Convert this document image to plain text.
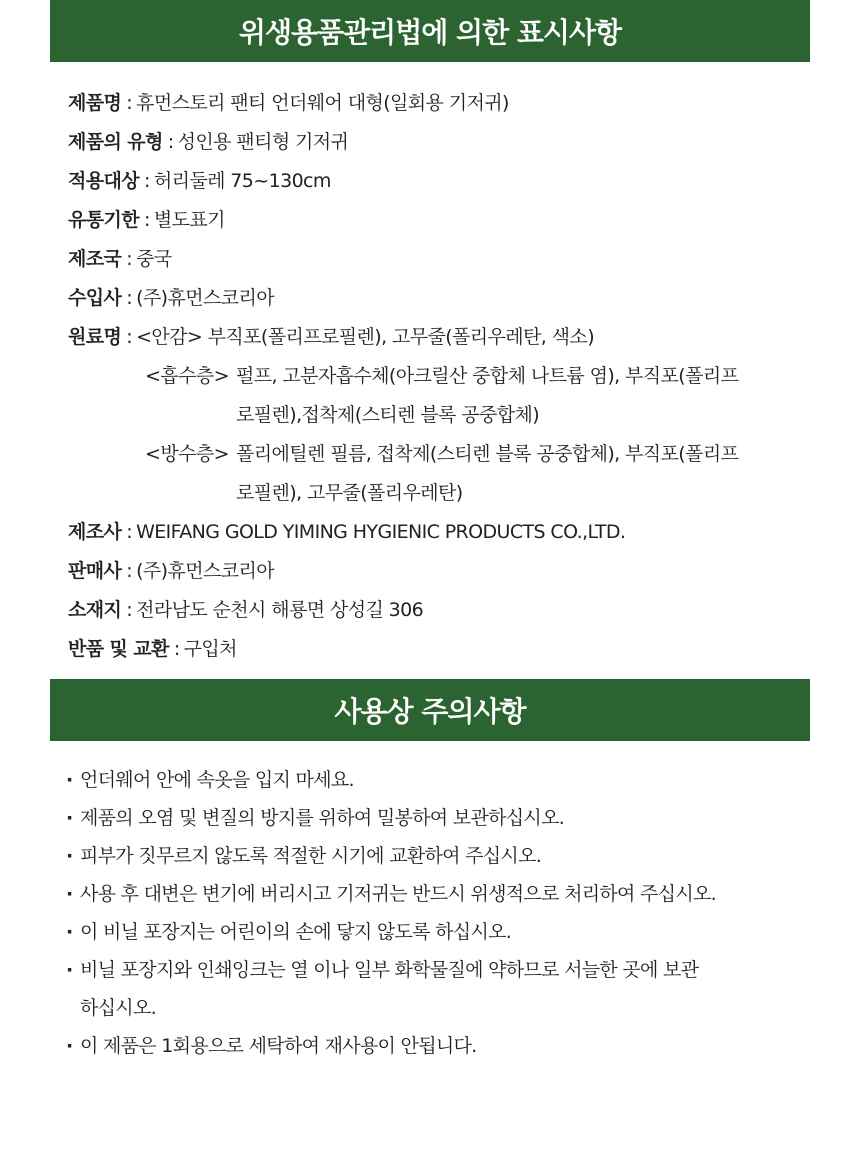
위생용품관리법에 의한 표시사항
제품명 : 휴먼스토리 팬티 언더웨어 대형(일회용 기저귀)
제품의 유형 : 성인용 팬티형 기저귀
적용대상 : 허리둘레 75~130cm
유통기한 : 별도표기
제조국 : 중국
수입사 : (주)휴먼스코리아
원료명 : <안감> 부직포(폴리프로필렌), 고무줄(폴리우레탄, 색소)
<흡수층> 펄프, 고분자흡수체(아크릴산 중합체 나트륨 염), 부직포(폴리프
로필렌),접착제(스티렌 블록 공중합체)
<방수층> 폴리에틸렌 필름, 접착제(스티렌 블록 공중합체), 부직포(폴리프
로필렌), 고무줄(폴리우레탄)
제조사 : WEIFANG GOLD YIMING HYGIENIC PRODUCTS CO.,LTD.
판매사 : (주)휴먼스코리아
소재지 : 전라남도 순천시 해룡면 상성길 306
반품 및 교환 : 구입처
사용상 주의사항
· 언더웨어 안에 속옷을 입지 마세요.
· 제품의 오염 및 변질의 방지를 위하여 밀봉하여 보관하십시오.
· 피부가 짓무르지 않도록 적절한 시기에 교환하여 주십시오.
· 사용 후 대변은 변기에 버리시고 기저귀는 반드시 위생적으로 처리하여 주십시오.
· 이 비닐 포장지는 어린이의 손에 닿지 않도록 하십시오.
· 비닐 포장지와 인쇄잉크는 열 이나 일부 화학물질에 약하므로 서늘한 곳에 보관
하십시오.
· 이 제품은 1회용으로 세탁하여 재사용이 안됩니다.
